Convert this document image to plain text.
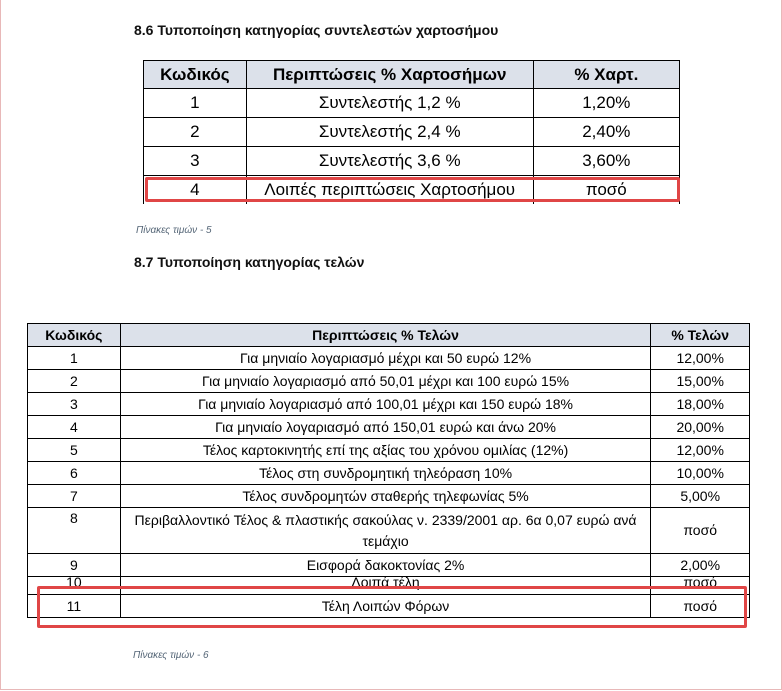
8.6 Τυποποίηση κατηγορίας συντελεστών χαρτοσήμου
Κωδικός	Περιπτώσεις % Χαρτοσήμων	% Χαρτ.
1	Συντελεστής 1,2 %	1,20%
2	Συντελεστής 2,4 %	2,40%
3	Συντελεστής 3,6 %	3,60%
4	Λοιπές περιπτώσεις Χαρτοσήμου	ποσό
Πίνακες τιμών - 5
8.7 Τυποποίηση κατηγορίας τελών
Κωδικός	Περιπτώσεις % Τελών	% Τελών
1	Για μηνιαίο λογαριασμό μέχρι και 50 ευρώ 12%	12,00%
2	Για μηνιαίο λογαριασμό από 50,01 μέχρι και 100 ευρώ 15%	15,00%
3	Για μηνιαίο λογαριασμό από 100,01 μέχρι και 150 ευρώ 18%	18,00%
4	Για μηνιαίο λογαριασμό από 150,01 ευρώ και άνω 20%	20,00%
5	Τέλος καρτοκινητής επί της αξίας του χρόνου ομιλίας (12%)	12,00%
6	Τέλος στη συνδρομητική τηλεόραση 10%	10,00%
7	Τέλος συνδρομητών σταθερής τηλεφωνίας 5%	5,00%
8	Περιβαλλοντικό Τέλος & πλαστικής σακούλας ν. 2339/2001 αρ. 6α 0,07 ευρώ ανά τεμάχιο	ποσό
9	Εισφορά δακοκτονίας 2%	2,00%
10	Λοιπά τέλη	ποσό
11	Τέλη Λοιπών Φόρων	ποσό
Πίνακες τιμών - 6
